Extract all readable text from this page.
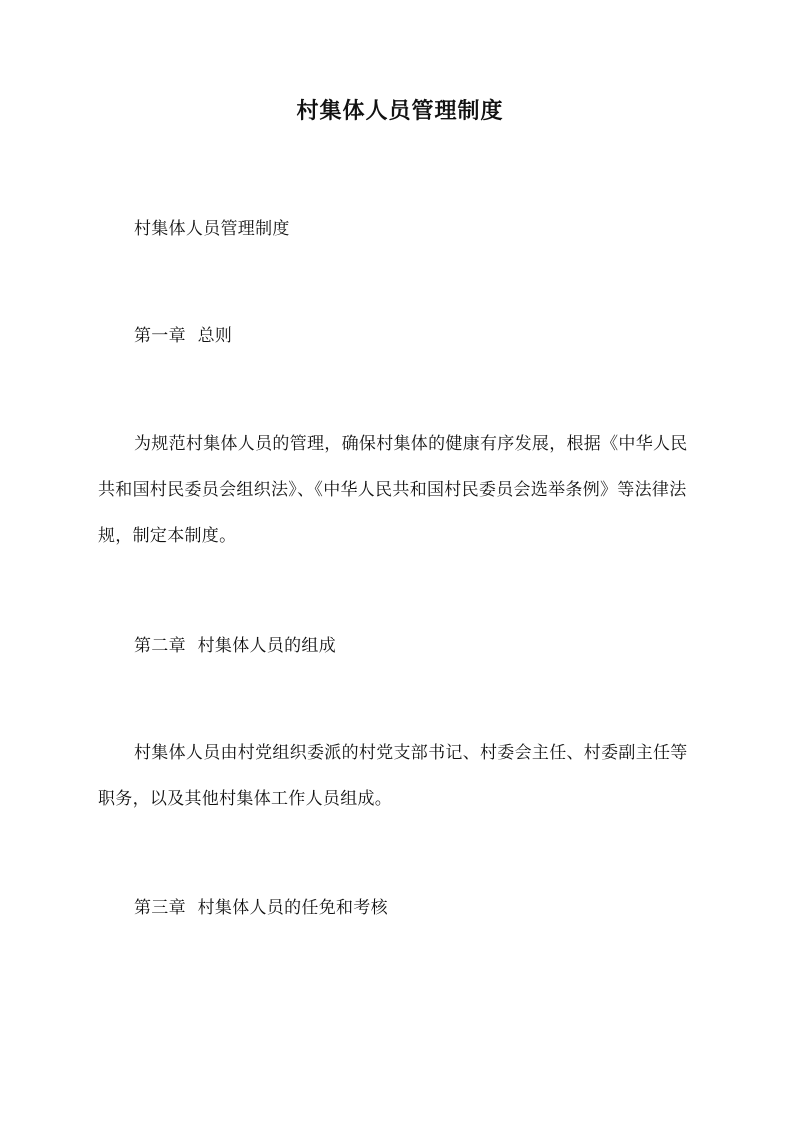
村集体人员管理制度

村集体人员管理制度

第一章 总则

为规范村集体人员的管理，确保村集体的健康有序发展，根据《中华人民共和国村民委员会组织法》、《中华人民共和国村民委员会选举条例》等法律法规，制定本制度。

第二章 村集体人员的组成

村集体人员由村党组织委派的村党支部书记、村委会主任、村委副主任等职务，以及其他村集体工作人员组成。

第三章 村集体人员的任免和考核
